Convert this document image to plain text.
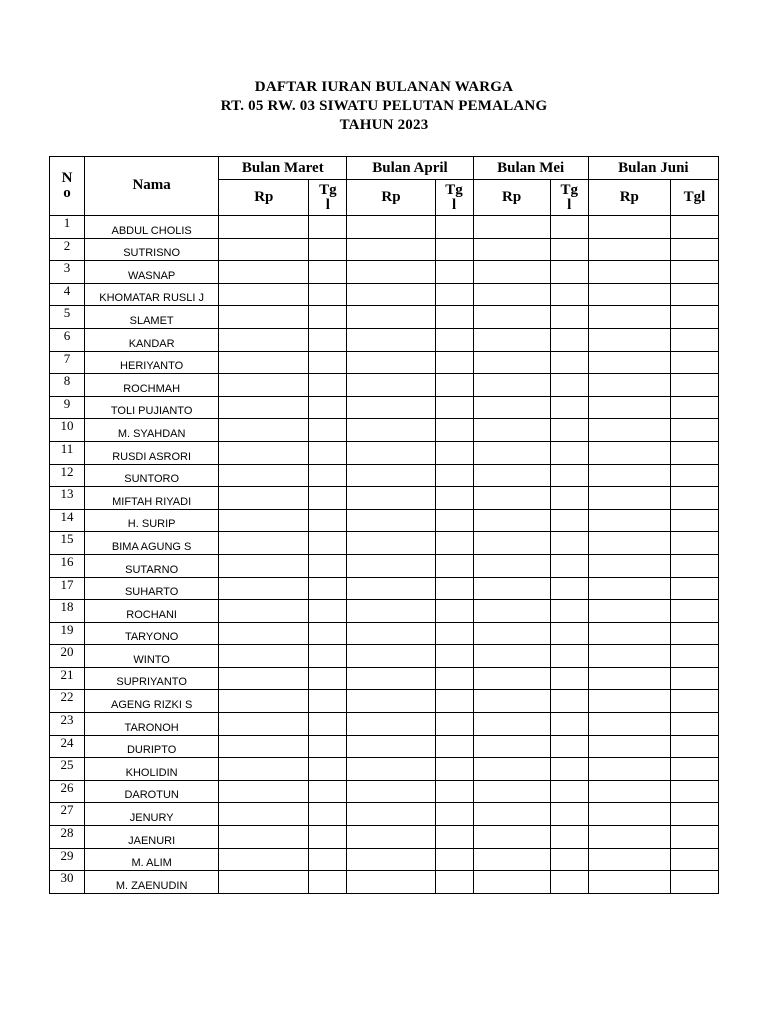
DAFTAR IURAN BULANAN WARGA
RT. 05 RW. 03 SIWATU PELUTAN PEMALANG
TAHUN 2023
N o	Nama	Bulan Maret		Bulan April		Bulan Mei		Bulan Juni	
		Rp	Tgl	Rp	Tgl	Rp	Tgl	Rp	Tgl
1	ABDUL CHOLIS								
2	SUTRISNO								
3	WASNAP								
4	KHOMATAR RUSLI J								
5	SLAMET								
6	KANDAR								
7	HERIYANTO								
8	ROCHMAH								
9	TOLI PUJIANTO								
10	M. SYAHDAN								
11	RUSDI ASRORI								
12	SUNTORO								
13	MIFTAH RIYADI								
14	H. SURIP								
15	BIMA AGUNG S								
16	SUTARNO								
17	SUHARTO								
18	ROCHANI								
19	TARYONO								
20	WINTO								
21	SUPRIYANTO								
22	AGENG RIZKI S								
23	TARONOH								
24	DURIPTO								
25	KHOLIDIN								
26	DAROTUN								
27	JENURY								
28	JAENURI								
29	M. ALIM								
30	M. ZAENUDIN								
